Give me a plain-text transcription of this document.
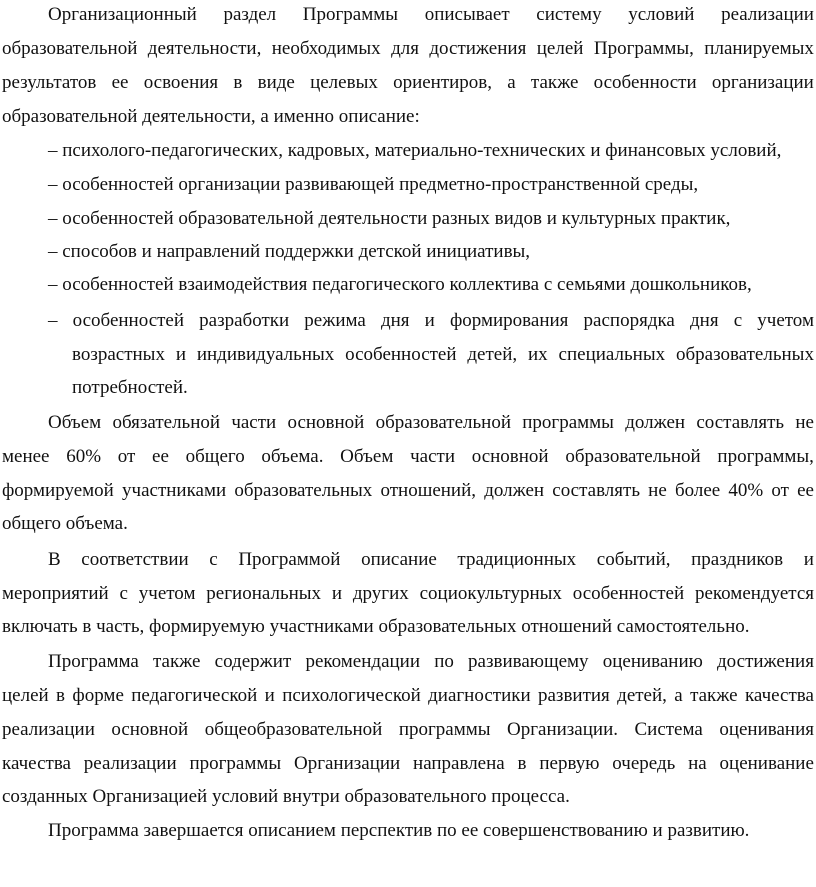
Организационный раздел Программы описывает систему условий реализации
образовательной деятельности, необходимых для достижения целей Программы, планируемых
результатов ее освоения в виде целевых ориентиров, а также особенности организации
образовательной деятельности, а именно описание:
– психолого-педагогических, кадровых, материально-технических и финансовых условий,
– особенностей организации развивающей предметно-пространственной среды,
– особенностей образовательной деятельности разных видов и культурных практик,
– способов и направлений поддержки детской инициативы,
– особенностей взаимодействия педагогического коллектива с семьями дошкольников,
– особенностей разработки режима дня и формирования распорядка дня с учетом
возрастных и индивидуальных особенностей детей, их специальных образовательных
потребностей.
Объем обязательной части основной образовательной программы должен составлять не
менее 60% от ее общего объема. Объем части основной образовательной программы,
формируемой участниками образовательных отношений, должен составлять не более 40% от ее
общего объема.
В соответствии с Программой описание традиционных событий, праздников и
мероприятий с учетом региональных и других социокультурных особенностей рекомендуется
включать в часть, формируемую участниками образовательных отношений самостоятельно.
Программа также содержит рекомендации по развивающему оцениванию достижения
целей в форме педагогической и психологической диагностики развития детей, а также качества
реализации основной общеобразовательной программы Организации. Система оценивания
качества реализации программы Организации направлена в первую очередь на оценивание
созданных Организацией условий внутри образовательного процесса.
Программа завершается описанием перспектив по ее совершенствованию и развитию.
